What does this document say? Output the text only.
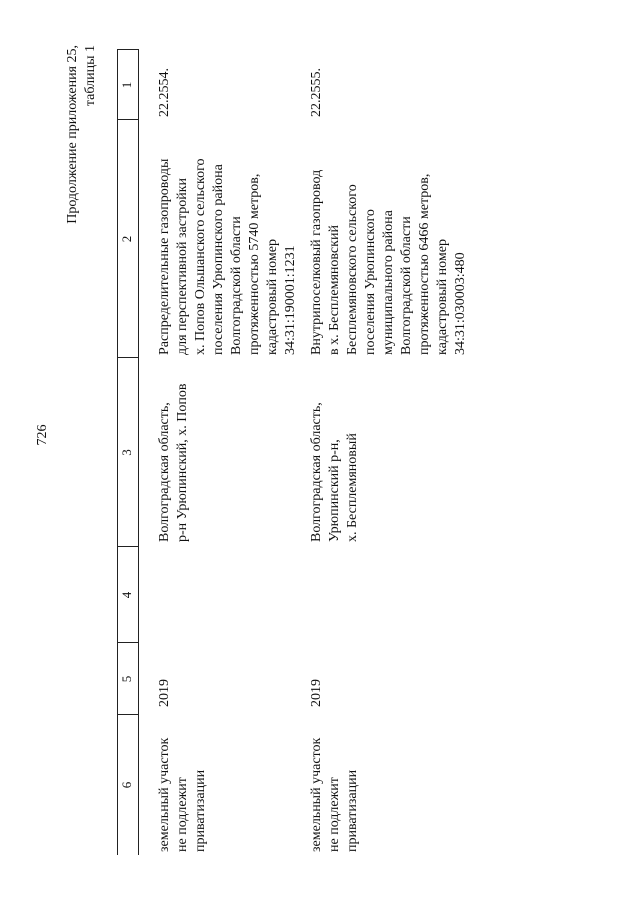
726
Продолжение приложения 25, таблицы 1 1
2
3
4
5
6
22.2554.
Распределительные газопроводы
для перспективной застройки
х. Попов Ольшанского сельского
поселения Урюпинского района
Волгоградской области
протяженностью 5740 метров,
кадастровый номер
34:31:190001:1231
Волгоградская область,
р-н Урюпинский, х. Попов
2019
земельный участок
не подлежит
приватизации
22.2555.
Внутрипоселковый газопровод
в х. Бесплемяновский
Бесплемяновского сельского
поселения Урюпинского
муниципального района
Волгоградской области
протяженностью 6466 метров,
кадастровый номер
34:31:030003:480
Волгоградская область,
Урюпинский р-н,
х. Бесплемяновый
2019
земельный участок
не подлежит
приватизации
